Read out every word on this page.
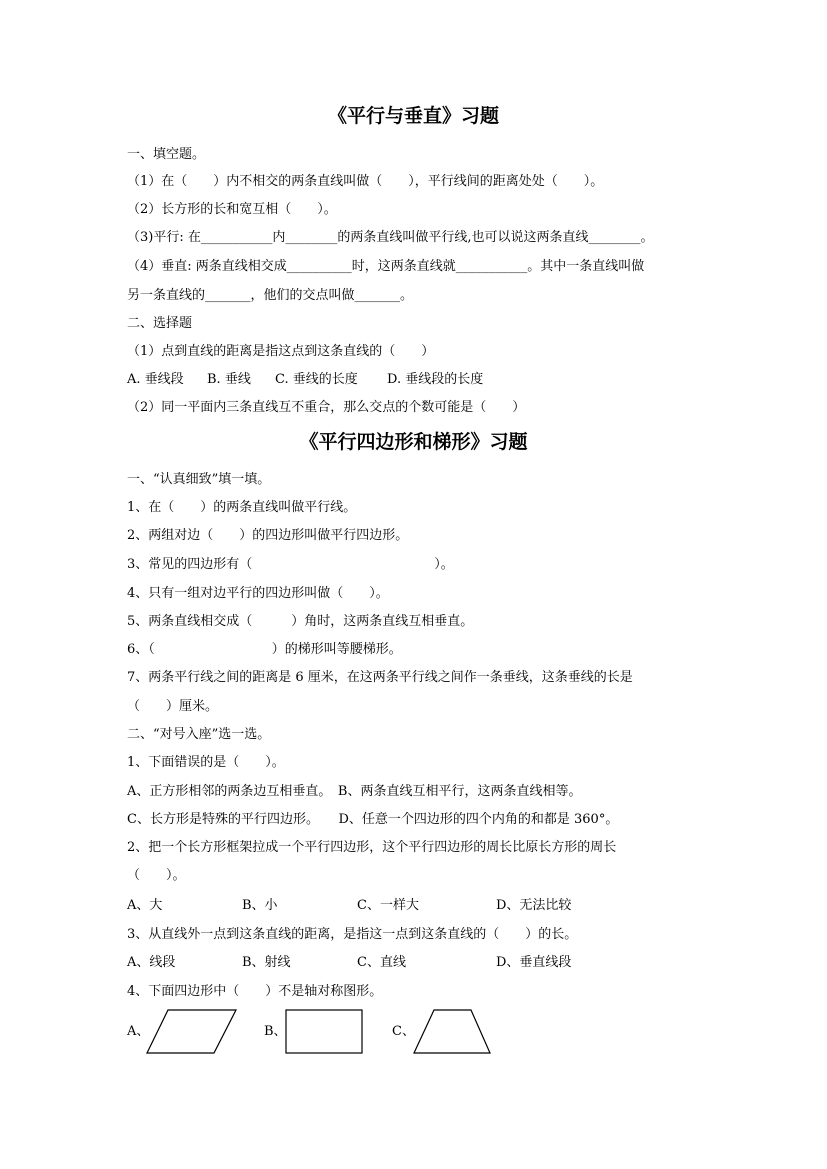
《平行与垂直》习题
一、填空题。
（1）在（　　）内不相交的两条直线叫做（　　），平行线间的距离处处（　　）。
（2）长方形的长和宽互相（　　）。
（3)平行: 在___________内________的两条直线叫做平行线,也可以说这两条直线________。
（4）垂直: 两条直线相交成__________时，这两条直线就___________。其中一条直线叫做
另一条直线的_______，他们的交点叫做_______。
二、选择题
（1）点到直线的距离是指这点到这条直线的（　　）
A. 垂线段 B. 垂线 C. 垂线的长度 D. 垂线段的长度
（2）同一平面内三条直线互不重合，那么交点的个数可能是（　　）
《平行四边形和梯形》习题
一、“认真细致”填一填。
1、在（　　）的两条直线叫做平行线。
2、两组对边（　　）的四边形叫做平行四边形。
3、常见的四边形有（　　　　　　　　　　　　　　）。
4、只有一组对边平行的四边形叫做（　　）。
5、两条直线相交成（　　　）角时，这两条直线互相垂直。
6、（　　　　　　　　　）的梯形叫等腰梯形。
7、两条平行线之间的距离是 6 厘米，在这两条平行线之间作一条垂线，这条垂线的长是
（　　）厘米。
二、“对号入座”选一选。
1、下面错误的是（　　）。
A、正方形相邻的两条边互相垂直。　B、两条直线互相平行，这两条直线相等。
C、长方形是特殊的平行四边形。　　D、任意一个四边形的四个内角的和都是 360°。
2、把一个长方形框架拉成一个平行四边形，这个平行四边形的周长比原长方形的周长
（　　）。
A、大	B、小	C、一样大	D、无法比较
3、从直线外一点到这条直线的距离，是指这一点到这条直线的（　　）的长。
A、线段	B、射线	C、直线	D、垂直线段
4、下面四边形中（　　）不是轴对称图形。
A、	B、	C、
